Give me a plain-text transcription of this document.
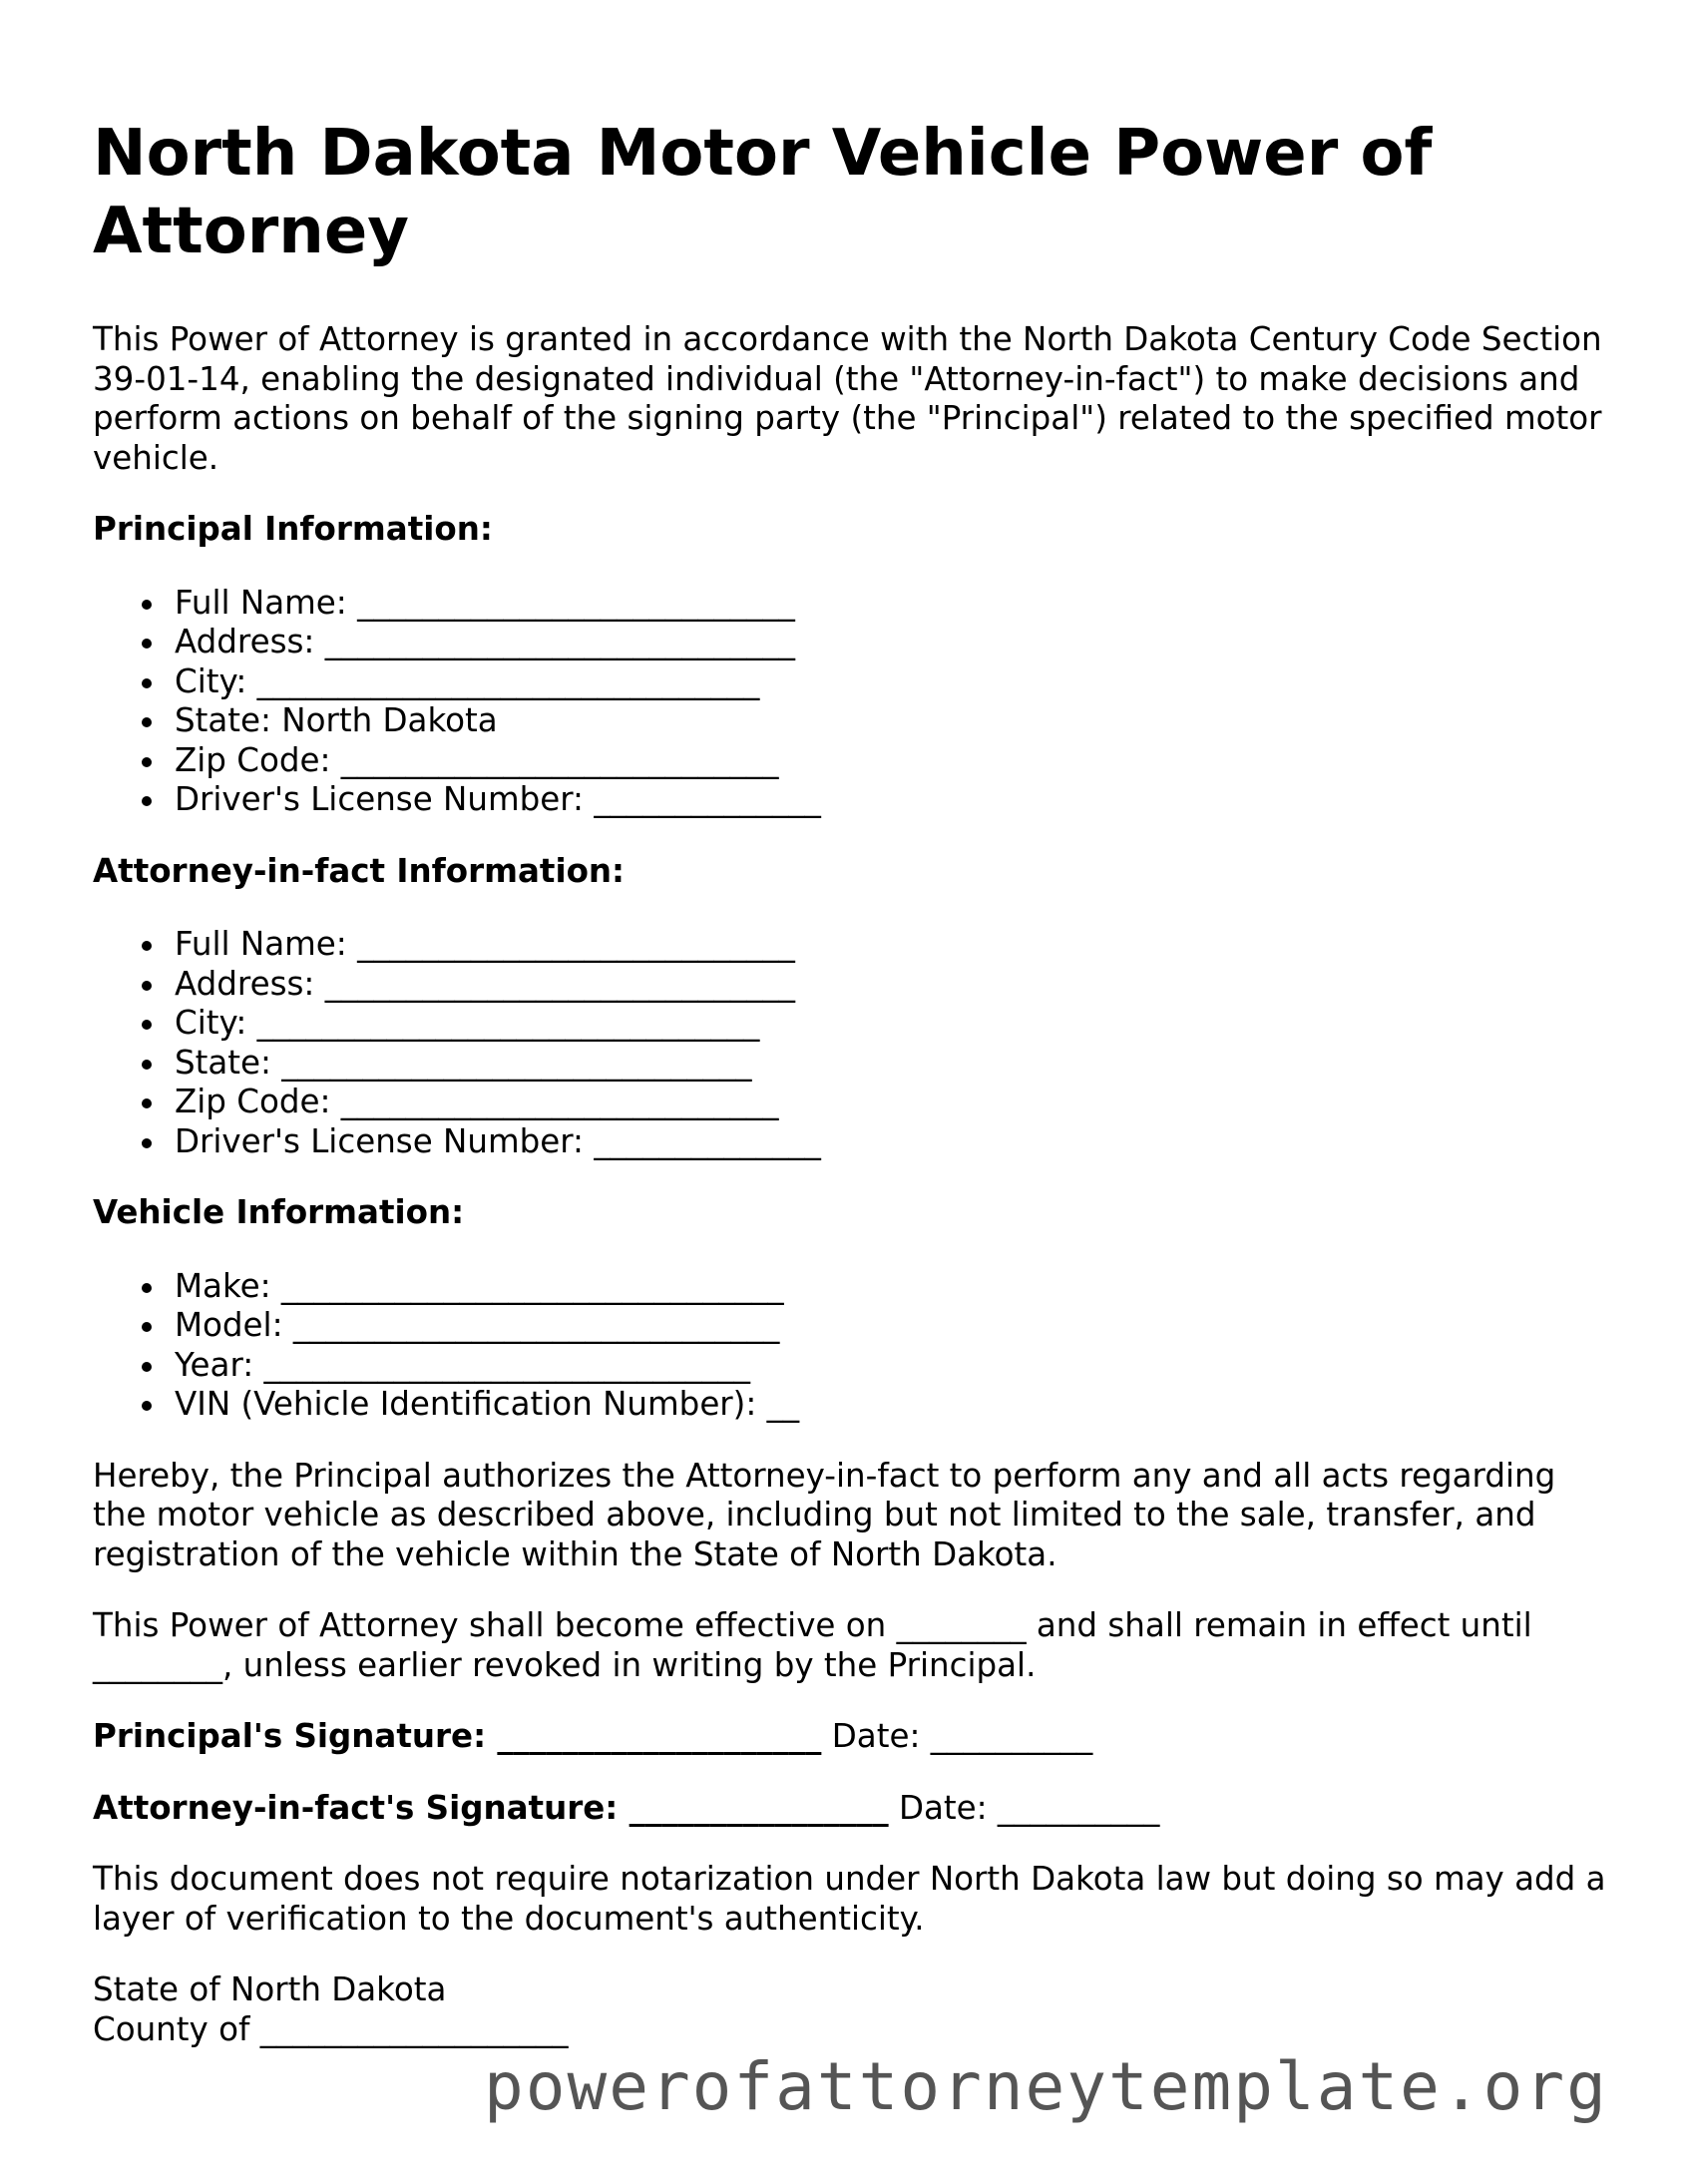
North Dakota Motor Vehicle Power of Attorney

This Power of Attorney is granted in accordance with the North Dakota Century Code Section 39-01-14, enabling the designated individual (the "Attorney-in-fact") to make decisions and perform actions on behalf of the signing party (the "Principal") related to the specified motor vehicle.

Principal Information:

Full Name: ___________________________
Address: _____________________________
City: _______________________________
State: North Dakota
Zip Code: ___________________________
Driver's License Number: ______________

Attorney-in-fact Information:

Full Name: ___________________________
Address: _____________________________
City: _______________________________
State: _____________________________
Zip Code: ___________________________
Driver's License Number: ______________

Vehicle Information:

Make: _______________________________
Model: ______________________________
Year: ______________________________
VIN (Vehicle Identification Number): __

Hereby, the Principal authorizes the Attorney-in-fact to perform any and all acts regarding the motor vehicle as described above, including but not limited to the sale, transfer, and registration of the vehicle within the State of North Dakota.

This Power of Attorney shall become effective on ________ and shall remain in effect until
________, unless earlier revoked in writing by the Principal.

Principal's Signature: ____________________ Date: __________

Attorney-in-fact's Signature: ________________ Date: __________

This document does not require notarization under North Dakota law but doing so may add a layer of verification to the document's authenticity.

State of North Dakota
County of ___________________

powerofattorneytemplate.org
